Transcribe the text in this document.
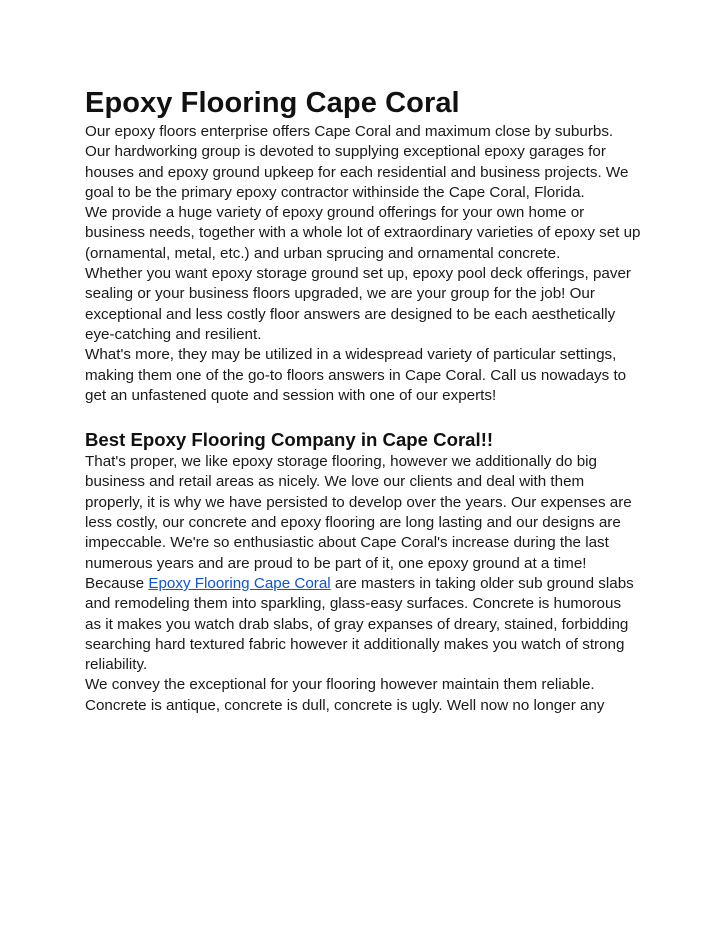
Epoxy Flooring Cape Coral

Our epoxy floors enterprise offers Cape Coral and maximum close by suburbs. Our hardworking group is devoted to supplying exceptional epoxy garages for houses and epoxy ground upkeep for each residential and business projects. We goal to be the primary epoxy contractor withinside the Cape Coral, Florida.

We provide a huge variety of epoxy ground offerings for your own home or business needs, together with a whole lot of extraordinary varieties of epoxy set up (ornamental, metal, etc.) and urban sprucing and ornamental concrete.

Whether you want epoxy storage ground set up, epoxy pool deck offerings, paver sealing or your business floors upgraded, we are your group for the job! Our exceptional and less costly floor answers are designed to be each aesthetically eye-catching and resilient.

What's more, they may be utilized in a widespread variety of particular settings, making them one of the go-to floors answers in Cape Coral. Call us nowadays to get an unfastened quote and session with one of our experts!

Best Epoxy Flooring Company in Cape Coral!!

That's proper, we like epoxy storage flooring, however we additionally do big business and retail areas as nicely. We love our clients and deal with them properly, it is why we have persisted to develop over the years. Our expenses are less costly, our concrete and epoxy flooring are long lasting and our designs are impeccable. We're so enthusiastic about Cape Coral's increase during the last numerous years and are proud to be part of it, one epoxy ground at a time!

Because Epoxy Flooring Cape Coral are masters in taking older sub ground slabs and remodeling them into sparkling, glass-easy surfaces. Concrete is humorous as it makes you watch drab slabs, of gray expanses of dreary, stained, forbidding searching hard textured fabric however it additionally makes you watch of strong reliability.

We convey the exceptional for your flooring however maintain them reliable. Concrete is antique, concrete is dull, concrete is ugly. Well now no longer any
